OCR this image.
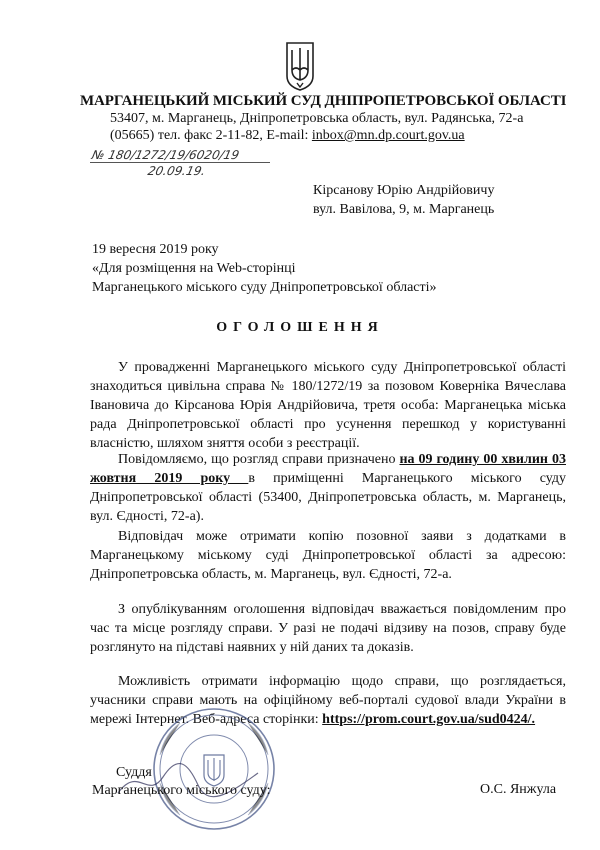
МАРГАНЕЦЬКИЙ МІСЬКИЙ СУД ДНІПРОПЕТРОВСЬКОЇ ОБЛАСТІ
53407, м. Марганець, Дніпропетровська область, вул. Радянська, 72-а
(05665) тел. факс 2-11-82, E-mail: inbox@mn.dp.court.gov.ua
№ 180/1272/19/6020/19
20.09.19.
Кірсанову Юрію Андрійовичу
вул. Вавілова, 9, м. Марганець
19 вересня 2019 року
«Для розміщення на Web-сторінці
Марганецького міського суду Дніпропетровської області»
ОГОЛОШЕННЯ
У провадженні Марганецького міського суду Дніпропетровської області знаходиться цивільна справа № 180/1272/19 за позовом Коверніка Вячеслава Івановича до Кірсанова Юрія Андрійовича, третя особа: Марганецька міська рада Дніпропетровської області про усунення перешкод у користуванні власністю, шляхом зняття особи з реєстрації.
Повідомляємо, що розгляд справи призначено на 09 годину 00 хвилин 03 жовтня 2019 року в приміщенні Марганецького міського суду Дніпропетровської області (53400, Дніпропетровська область, м. Марганець, вул. Єдності, 72-а).
Відповідач може отримати копію позовної заяви з додатками в Марганецькому міському суді Дніпропетровської області за адресою: Дніпропетровська область, м. Марганець, вул. Єдності, 72-а.
З опублікуванням оголошення відповідач вважається повідомленим про час та місце розгляду справи. У разі не подачі відзиву на позов, справу буде розглянуто на підставі наявних у ній даних та доказів.
Можливість отримати інформацію щодо справи, що розглядається, учасники справи мають на офіційному веб-порталі судової влади України в мережі Інтернет. Веб-адреса сторінки: https://prom.court.gov.ua/sud0424/.
Суддя
Марганецького міського суду:	О.С. Янжула
